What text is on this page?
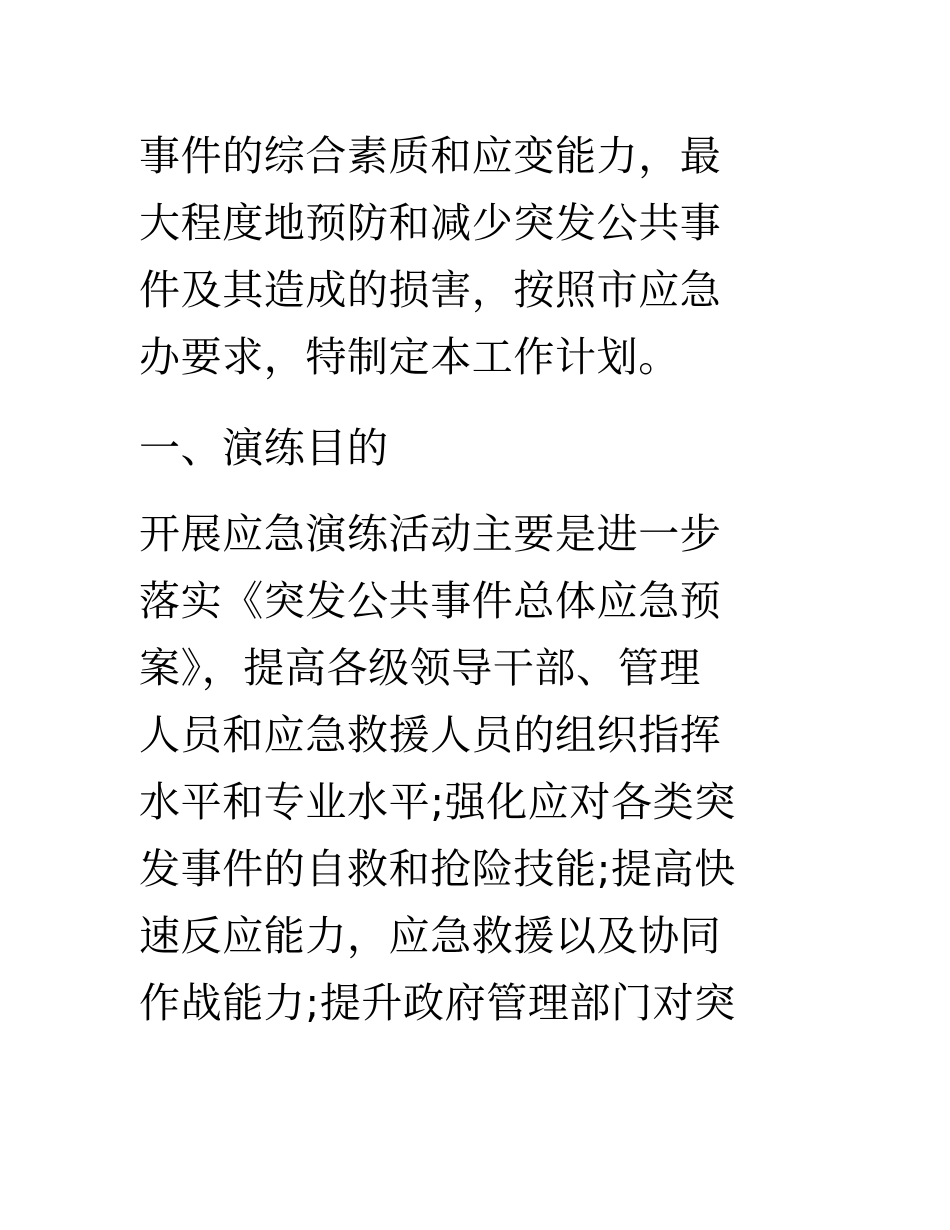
事件的综合素质和应变能力，最
大程度地预防和减少突发公共事
件及其造成的损害，按照市应急
办要求，特制定本工作计划。
一、演练目的
开展应急演练活动主要是进一步
落实《突发公共事件总体应急预
案》，提高各级领导干部、管理
人员和应急救援人员的组织指挥
水平和专业水平;强化应对各类突
发事件的自救和抢险技能;提高快
速反应能力，应急救援以及协同
作战能力;提升政府管理部门对突
